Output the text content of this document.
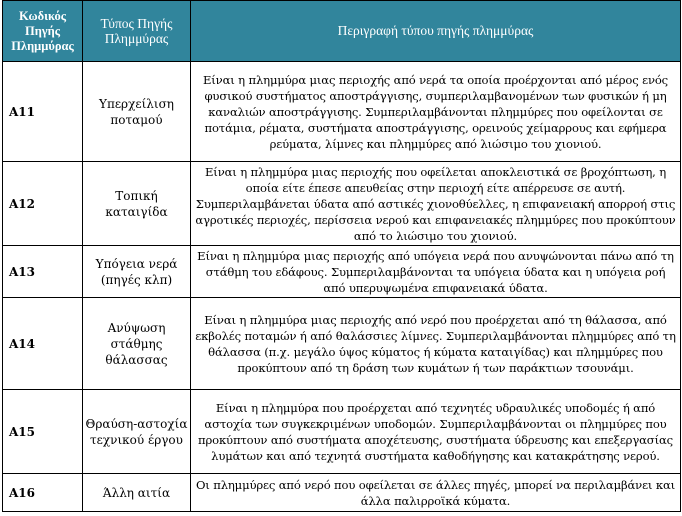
Κωδικός Πηγής Πλημμύρας	Τύπος Πηγής Πλημμύρας	Περιγραφή τύπου πηγής πλημμύρας
A11	Υπερχείλιση ποταμού	Είναι η πλημμύρα μιας περιοχής από νερά τα οποία προέρχονται από μέρος ενός φυσικού συστήματος αποστράγγισης, συμπεριλαμβανομένων των φυσικών ή μη καναλιών αποστράγγισης. Συμπεριλαμβάνονται πλημμύρες που οφείλονται σε ποτάμια, ρέματα, συστήματα αποστράγγισης, ορεινούς χείμαρρους και εφήμερα ρεύματα, λίμνες και πλημμύρες από λιώσιμο του χιονιού.
A12	Τοπική καταιγίδα	Είναι η πλημμύρα μιας περιοχής που οφείλεται αποκλειστικά σε βροχόπτωση, η οποία είτε έπεσε απευθείας στην περιοχή είτε απέρρευσε σε αυτή. Συμπεριλαμβάνεται ύδατα από αστικές χιονοθύελλες, η επιφανειακή απορροή στις αγροτικές περιοχές, περίσσεια νερού και επιφανειακές πλημμύρες που προκύπτουν από το λιώσιμο του χιονιού.
A13	Υπόγεια νερά (πηγές κλπ)	Είναι η πλημμύρα μιας περιοχής από υπόγεια νερά που ανυψώνονται πάνω από τη στάθμη του εδάφους. Συμπεριλαμβάνονται τα υπόγεια ύδατα και η υπόγεια ροή από υπερυψωμένα επιφανειακά ύδατα.
A14	Ανύψωση στάθμης θάλασσας	Είναι η πλημμύρα μιας περιοχής από νερό που προέρχεται από τη θάλασσα, από εκβολές ποταμών ή από θαλάσσιες λίμνες. Συμπεριλαμβάνονται πλημμύρες από τη θάλασσα (π.χ. μεγάλο ύψος κύματος ή κύματα καταιγίδας) και πλημμύρες που προκύπτουν από τη δράση των κυμάτων ή των παράκτιων τσουνάμι.
A15	Θραύση-αστοχία τεχνικού έργου	Είναι η πλημμύρα που προέρχεται από τεχνητές υδραυλικές υποδομές ή από αστοχία των συγκεκριμένων υποδομών. Συμπεριλαμβάνονται οι πλημμύρες που προκύπτουν από συστήματα αποχέτευσης, συστήματα ύδρευσης και επεξεργασίας λυμάτων και από τεχνητά συστήματα καθοδήγησης και κατακράτησης νερού.
A16	Άλλη αιτία	Οι πλημμύρες από νερό που οφείλεται σε άλλες πηγές, μπορεί να περιλαμβάνει και άλλα παλιρροϊκά κύματα.
